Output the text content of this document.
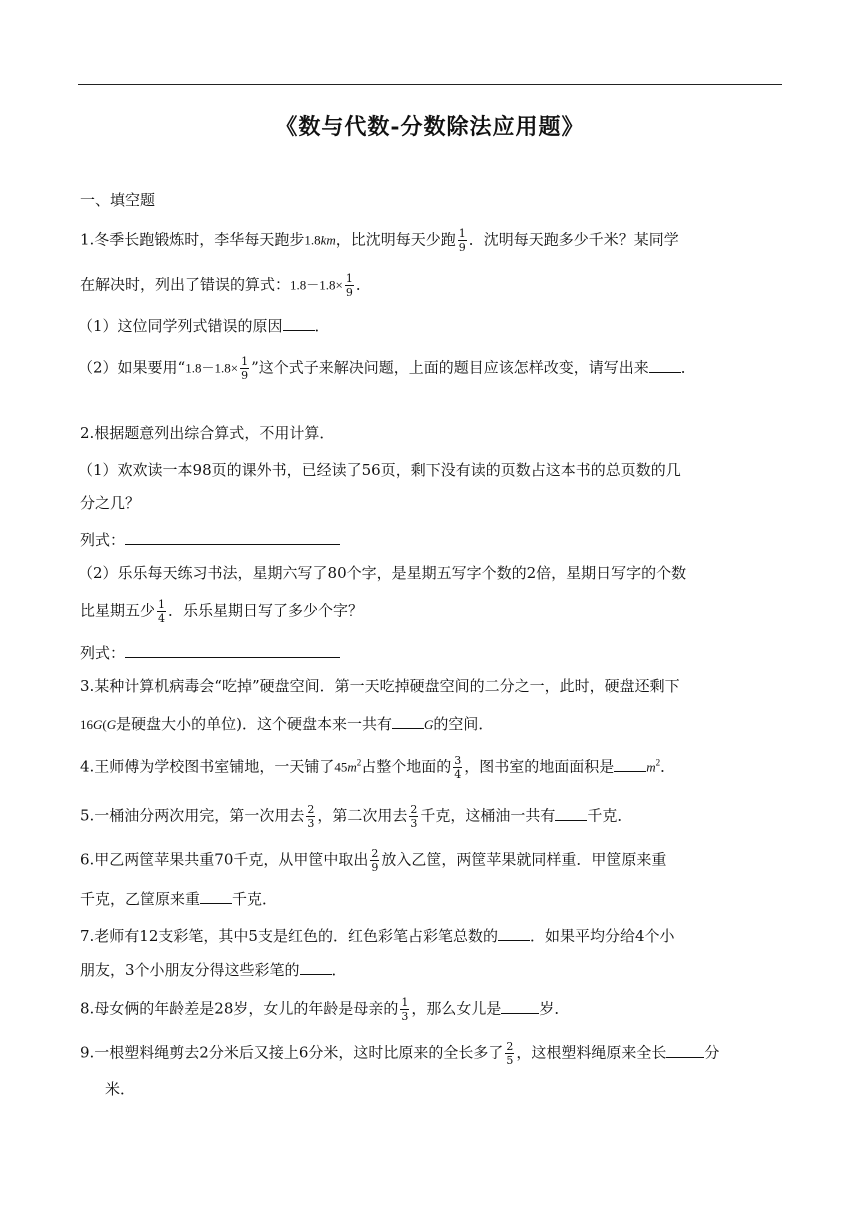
《数与代数-分数除法应用题》
一、填空题
1.冬季长跑锻炼时，李华每天跑步1.8km，比沈明每天少跑 $\frac{1}{9}$ ．沈明每天跑多少千米？某同学
在解决时，列出了错误的算式：$1.8-1.8\times \frac{1}{9}$ ．
（1）这位同学列式错误的原因 ．
（2）如果要用“$1.8-1.8\times \frac{1}{9}$ ”这个式子来解决问题，上面的题目应该怎样改变，请写出来 ．
2.根据题意列出综合算式，不用计算．
（1）欢欢读一本98页的课外书，已经读了56页，剩下没有读的页数占这本书的总页数的几
分之几？
列式：
（2）乐乐每天练习书法，星期六写了80个字，是星期五写字个数的2倍，星期日写字的个数
比星期五少 $\frac{1}{4}$ ．乐乐星期日写了多少个字？
列式：
3.某种计算机病毒会“吃掉”硬盘空间．第一天吃掉硬盘空间的二分之一，此时，硬盘还剩下
16G(G是硬盘大小的单位)．这个硬盘本来一共有 G的空间．
4.王师傅为学校图书室铺地，一天铺了$45m^2$占整个地面的 $\frac{3}{4}$ ，图书室的地面面积是 $m^2$．
5.一桶油分两次用完，第一次用去 $\frac{2}{3}$ ，第二次用去 $\frac{2}{3}$ 千克，这桶油一共有 千克．
6.甲乙两筐苹果共重70千克，从甲筐中取出 $\frac{2}{9}$ 放入乙筐，两筐苹果就同样重．甲筐原来重
千克，乙筐原来重 千克．
7.老师有12支彩笔，其中5支是红色的．红色彩笔占彩笔总数的 ．如果平均分给4个小
朋友，3个小朋友分得这些彩笔的 ．
8.母女俩的年龄差是28岁，女儿的年龄是母亲的 $\frac{1}{3}$ ，那么女儿是	岁．
9.一根塑料绳剪去2分米后又接上6分米，这时比原来的全长多了 $\frac{2}{5}$ ，这根塑料绳原来全长	分
米．
